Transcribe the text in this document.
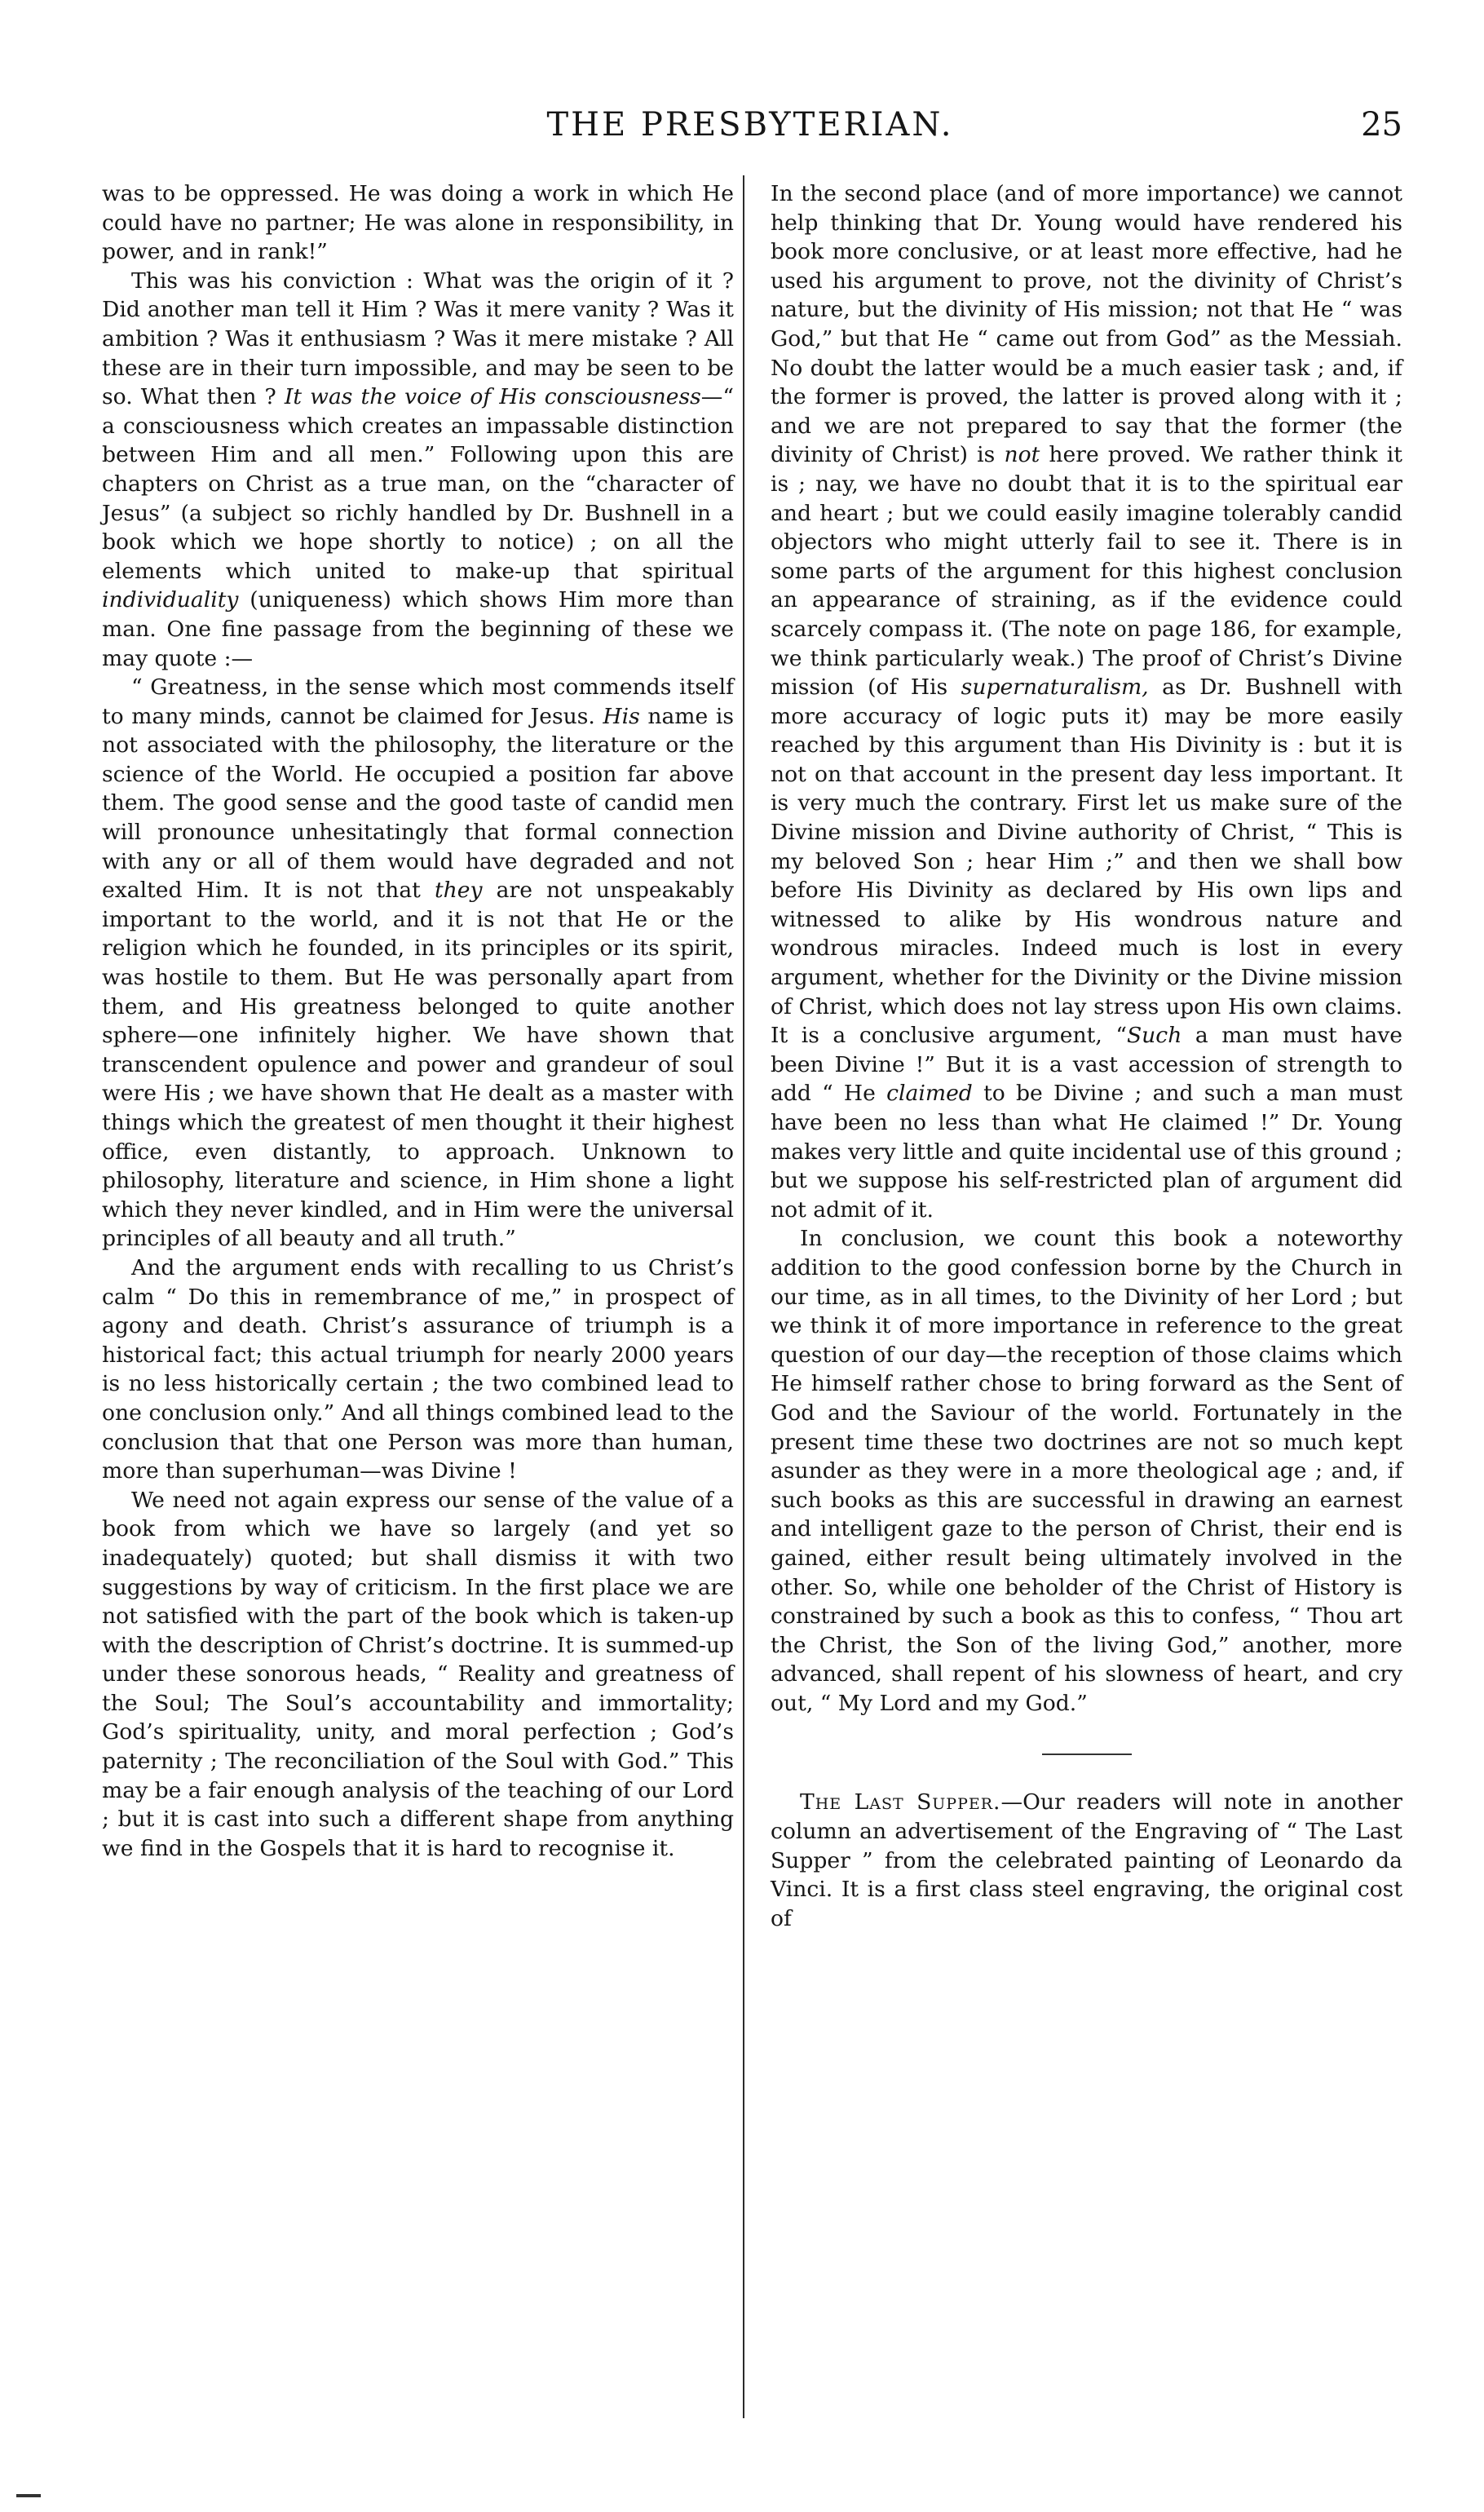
THE PRESBYTERIAN.	25

was to be oppressed. He was doing a work in which He could have no partner; He was alone in responsibility, in power, and in rank!”

This was his conviction : What was the origin of it ? Did another man tell it Him ? Was it mere vanity ? Was it ambition ? Was it enthusiasm ? Was it mere mistake ? All these are in their turn impossible, and may be seen to be so. What then ? It was the voice of His consciousness—“ a consciousness which creates an impassable distinction between Him and all men.” Following upon this are chapters on Christ as a true man, on the “character of Jesus” (a subject so richly handled by Dr. Bushnell in a book which we hope shortly to notice) ; on all the elements which united to make-up that spiritual individuality (uniqueness) which shows Him more than man. One fine passage from the beginning of these we may quote :—

“ Greatness, in the sense which most commends itself to many minds, cannot be claimed for Jesus. His name is not associated with the philosophy, the literature or the science of the World. He occupied a position far above them. The good sense and the good taste of candid men will pronounce unhesitatingly that formal connection with any or all of them would have degraded and not exalted Him. It is not that they are not unspeakably important to the world, and it is not that He or the religion which he founded, in its principles or its spirit, was hostile to them. But He was personally apart from them, and His greatness belonged to quite another sphere—one infinitely higher. We have shown that transcendent opulence and power and grandeur of soul were His ; we have shown that He dealt as a master with things which the greatest of men thought it their highest office, even distantly, to approach. Unknown to philosophy, literature and science, in Him shone a light which they never kindled, and in Him were the universal principles of all beauty and all truth.”

And the argument ends with recalling to us Christ’s calm “ Do this in remembrance of me,” in prospect of agony and death. Christ’s assurance of triumph is a historical fact; this actual triumph for nearly 2000 years is no less historically certain ; the two combined lead to one conclusion only.” And all things combined lead to the conclusion that that one Person was more than human, more than superhuman—was Divine !

We need not again express our sense of the value of a book from which we have so largely (and yet so inadequately) quoted; but shall dismiss it with two suggestions by way of criticism. In the first place we are not satisfied with the part of the book which is taken-up with the description of Christ’s doctrine. It is summed-up under these sonorous heads, “ Reality and greatness of the Soul; The Soul’s accountability and immortality; God’s spirituality, unity, and moral perfection ; God’s paternity ; The reconciliation of the Soul with God.” This may be a fair enough analysis of the teaching of our Lord ; but it is cast into such a different shape from anything we find in the Gospels that it is hard to recognise it.

In the second place (and of more importance) we cannot help thinking that Dr. Young would have rendered his book more conclusive, or at least more effective, had he used his argument to prove, not the divinity of Christ’s nature, but the divinity of His mission; not that He “ was God,” but that He “ came out from God” as the Messiah. No doubt the latter would be a much easier task ; and, if the former is proved, the latter is proved along with it ; and we are not prepared to say that the former (the divinity of Christ) is not here proved. We rather think it is ; nay, we have no doubt that it is to the spiritual ear and heart ; but we could easily imagine tolerably candid objectors who might utterly fail to see it. There is in some parts of the argument for this highest conclusion an appearance of straining, as if the evidence could scarcely compass it. (The note on page 186, for example, we think particularly weak.) The proof of Christ’s Divine mission (of His supernaturalism, as Dr. Bushnell with more accuracy of logic puts it) may be more easily reached by this argument than His Divinity is : but it is not on that account in the present day less important. It is very much the contrary. First let us make sure of the Divine mission and Divine authority of Christ, “ This is my beloved Son ; hear Him ;” and then we shall bow before His Divinity as declared by His own lips and witnessed to alike by His wondrous nature and wondrous miracles. Indeed much is lost in every argument, whether for the Divinity or the Divine mission of Christ, which does not lay stress upon His own claims. It is a conclusive argument, “Such a man must have been Divine !” But it is a vast accession of strength to add “ He claimed to be Divine ; and such a man must have been no less than what He claimed !” Dr. Young makes very little and quite incidental use of this ground ; but we suppose his self-restricted plan of argument did not admit of it.

In conclusion, we count this book a noteworthy addition to the good confession borne by the Church in our time, as in all times, to the Divinity of her Lord ; but we think it of more importance in reference to the great question of our day—the reception of those claims which He himself rather chose to bring forward as the Sent of God and the Saviour of the world. Fortunately in the present time these two doctrines are not so much kept asunder as they were in a more theological age ; and, if such books as this are successful in drawing an earnest and intelligent gaze to the person of Christ, their end is gained, either result being ultimately involved in the other. So, while one beholder of the Christ of History is constrained by such a book as this to confess, “ Thou art the Christ, the Son of the living God,” another, more advanced, shall repent of his slowness of heart, and cry out, “ My Lord and my God.”

The Last Supper.—Our readers will note in another column an advertisement of the Engraving of “ The Last Supper ” from the celebrated painting of Leonardo da Vinci. It is a first class steel engraving, the original cost of
